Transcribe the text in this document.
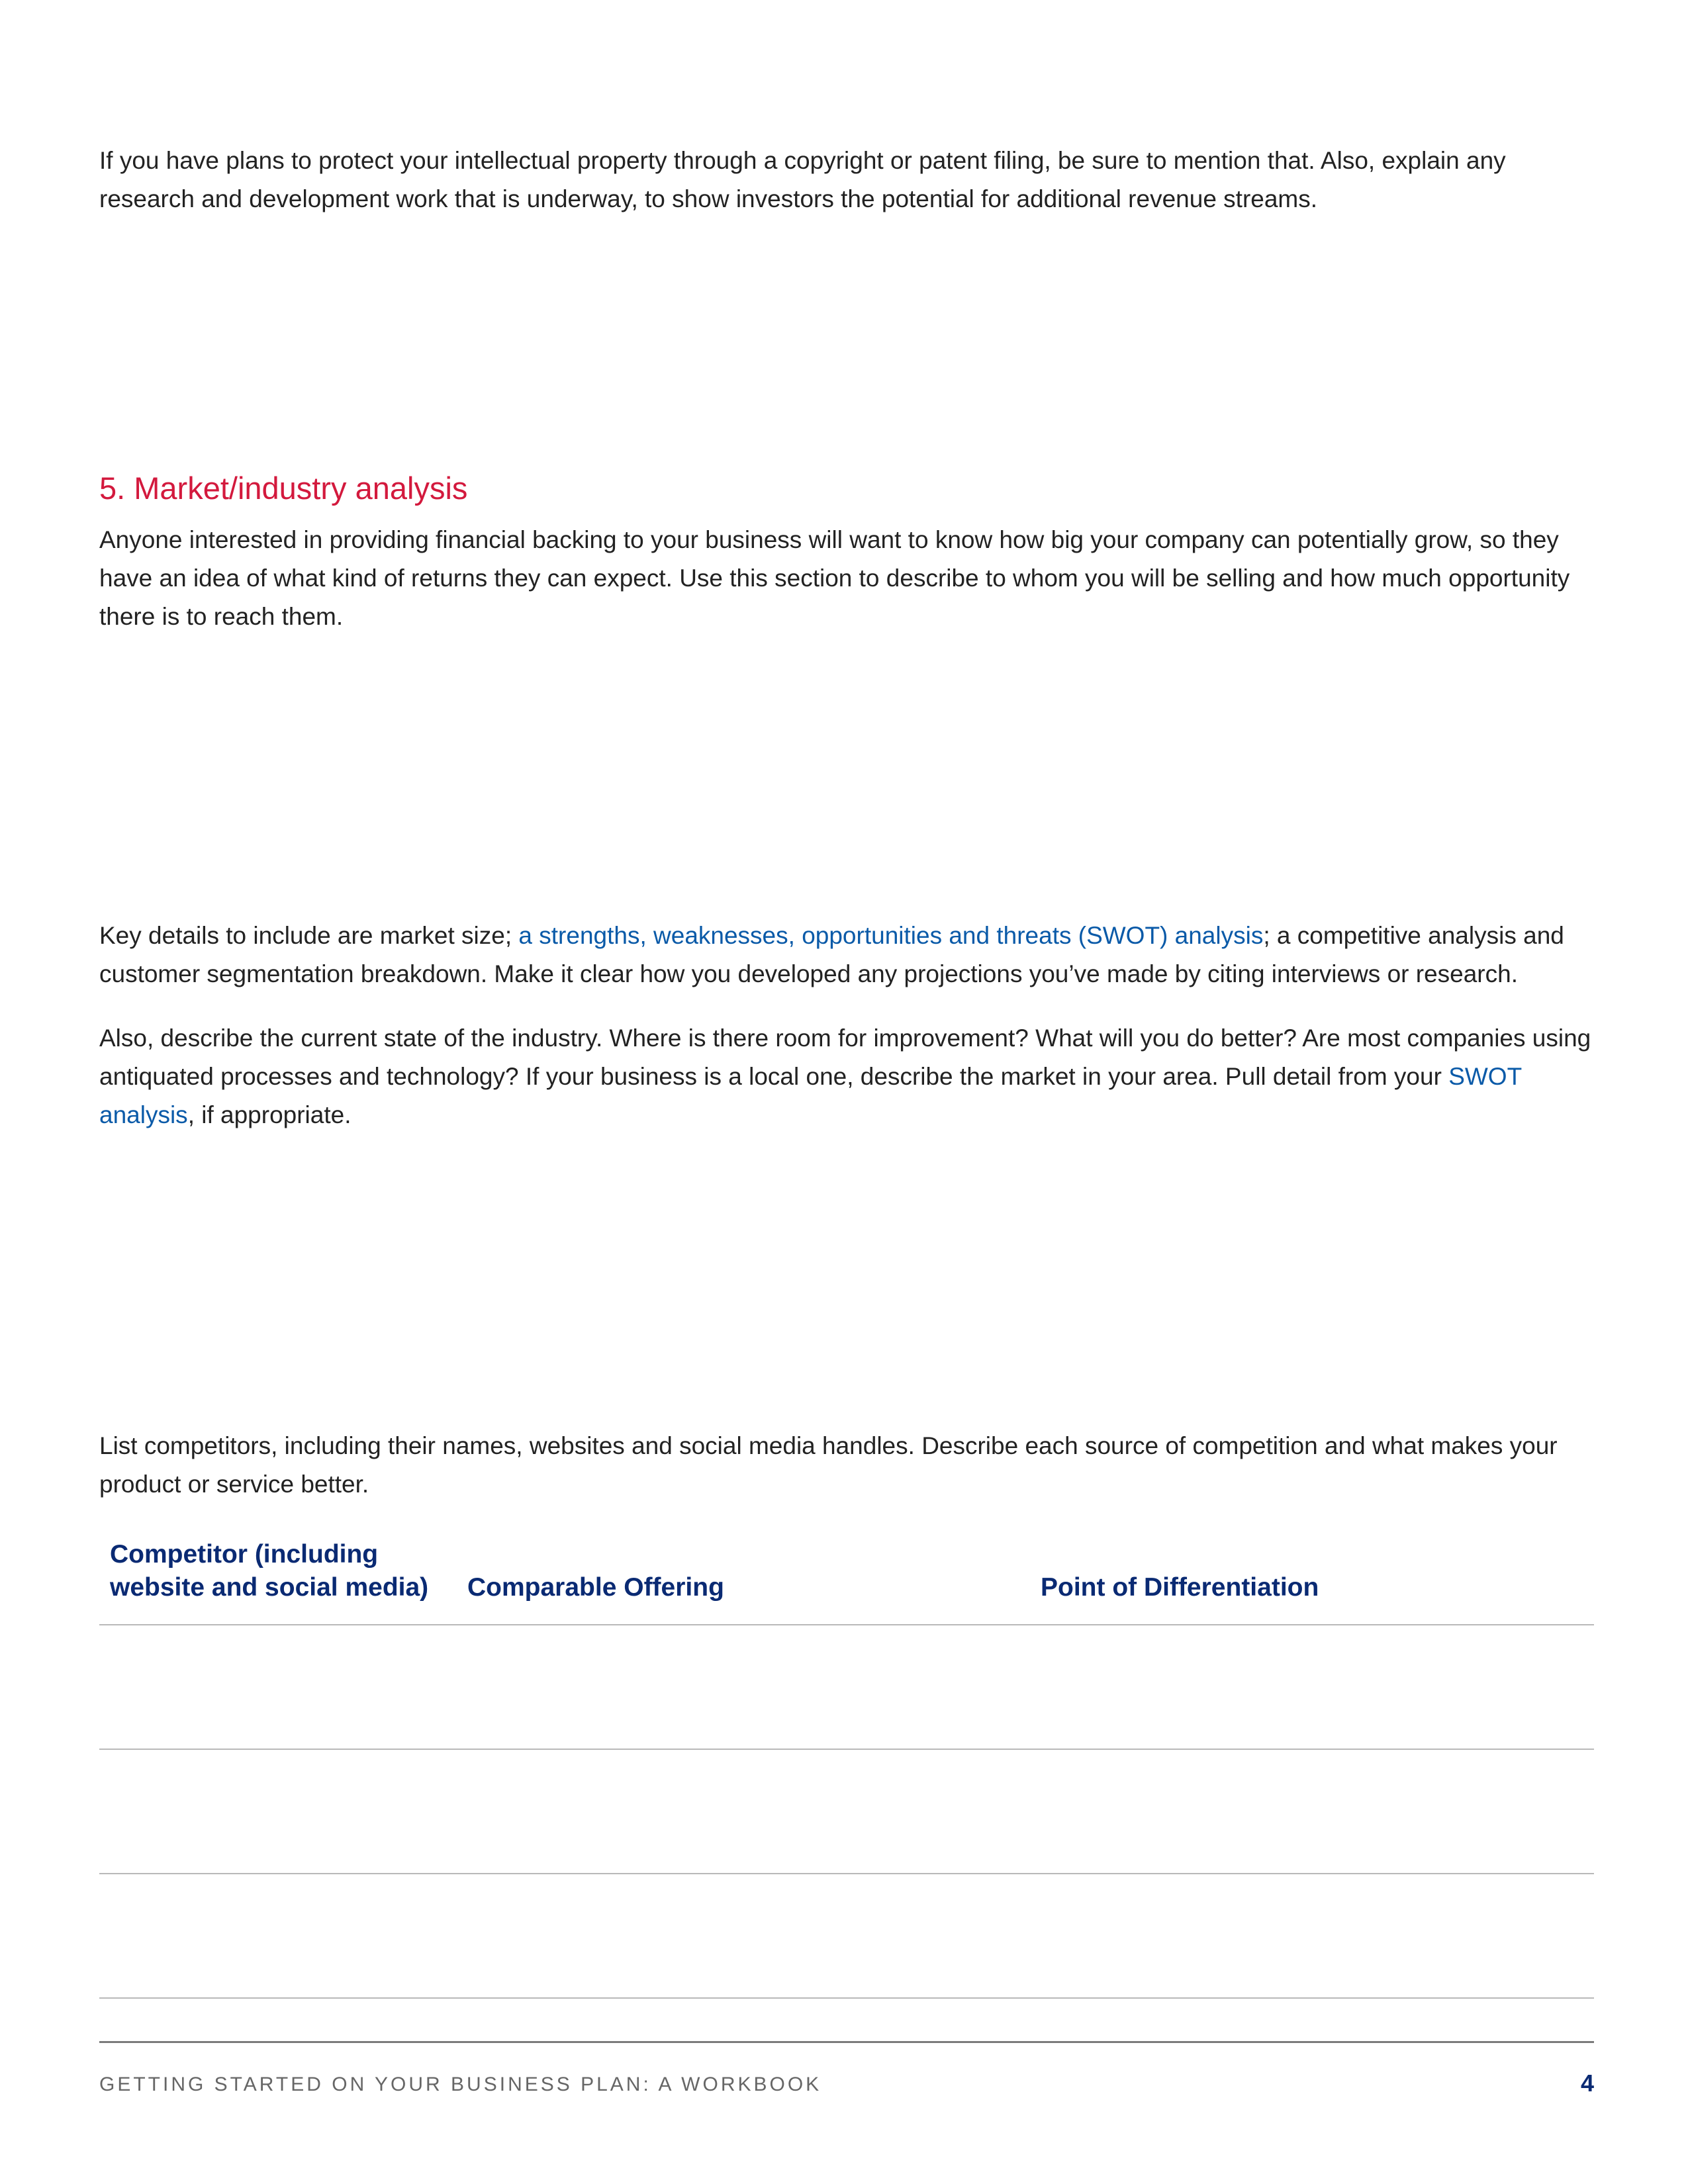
If you have plans to protect your intellectual property through a copyright or patent filing, be sure to mention that. Also, explain any research and development work that is underway, to show investors the potential for additional revenue streams.

5. Market/industry analysis

Anyone interested in providing financial backing to your business will want to know how big your company can potentially grow, so they have an idea of what kind of returns they can expect. Use this section to describe to whom you will be selling and how much opportunity there is to reach them.

Key details to include are market size; a strengths, weaknesses, opportunities and threats (SWOT) analysis; a competitive analysis and customer segmentation breakdown. Make it clear how you developed any projections you’ve made by citing interviews or research.

Also, describe the current state of the industry. Where is there room for improvement? What will you do better? Are most companies using antiquated processes and technology? If your business is a local one, describe the market in your area. Pull detail from your SWOT analysis, if appropriate.

List competitors, including their names, websites and social media handles. Describe each source of competition and what makes your product or service better.

Competitor (including
website and social media) Comparable Offering	Point of Differentiation
GETTING STARTED ON YOUR BUSINESS PLAN: A WORKBOOK	4
